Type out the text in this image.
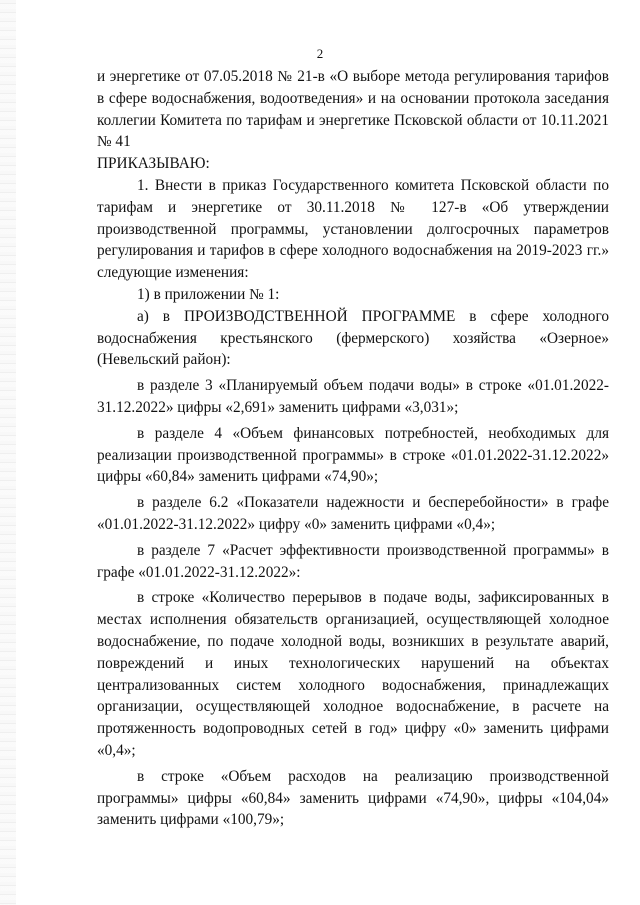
2

и энергетике от 07.05.2018 № 21-в «О выборе метода регулирования тарифов в сфере водоснабжения, водоотведения» и на основании протокола заседания коллегии Комитета по тарифам и энергетике Псковской области от 10.11.2021 № 41

ПРИКАЗЫВАЮ:

1. Внести в приказ Государственного комитета Псковской области по тарифам и энергетике от 30.11.2018 № 127-в «Об утверждении производственной программы, установлении долгосрочных параметров регулирования и тарифов в сфере холодного водоснабжения на 2019-2023 гг.» следующие изменения:

1) в приложении № 1:

а) в ПРОИЗВОДСТВЕННОЙ ПРОГРАММЕ в сфере холодного водоснабжения крестьянского (фермерского) хозяйства «Озерное» (Невельский район):

в разделе 3 «Планируемый объем подачи воды» в строке «01.01.2022-31.12.2022» цифры «2,691» заменить цифрами «3,031»;

в разделе 4 «Объем финансовых потребностей, необходимых для реализации производственной программы» в строке «01.01.2022-31.12.2022» цифры «60,84» заменить цифрами «74,90»;

в разделе 6.2 «Показатели надежности и бесперебойности» в графе «01.01.2022-31.12.2022» цифру «0» заменить цифрами «0,4»;

в разделе 7 «Расчет эффективности производственной программы» в графе «01.01.2022-31.12.2022»:

в строке «Количество перерывов в подаче воды, зафиксированных в местах исполнения обязательств организацией, осуществляющей холодное водоснабжение, по подаче холодной воды, возникших в результате аварий, повреждений и иных технологических нарушений на объектах централизованных систем холодного водоснабжения, принадлежащих организации, осуществляющей холодное водоснабжение, в расчете на протяженность водопроводных сетей в год» цифру «0» заменить цифрами «0,4»;

в строке «Объем расходов на реализацию производственной программы» цифры «60,84» заменить цифрами «74,90», цифры «104,04» заменить цифрами «100,79»;
